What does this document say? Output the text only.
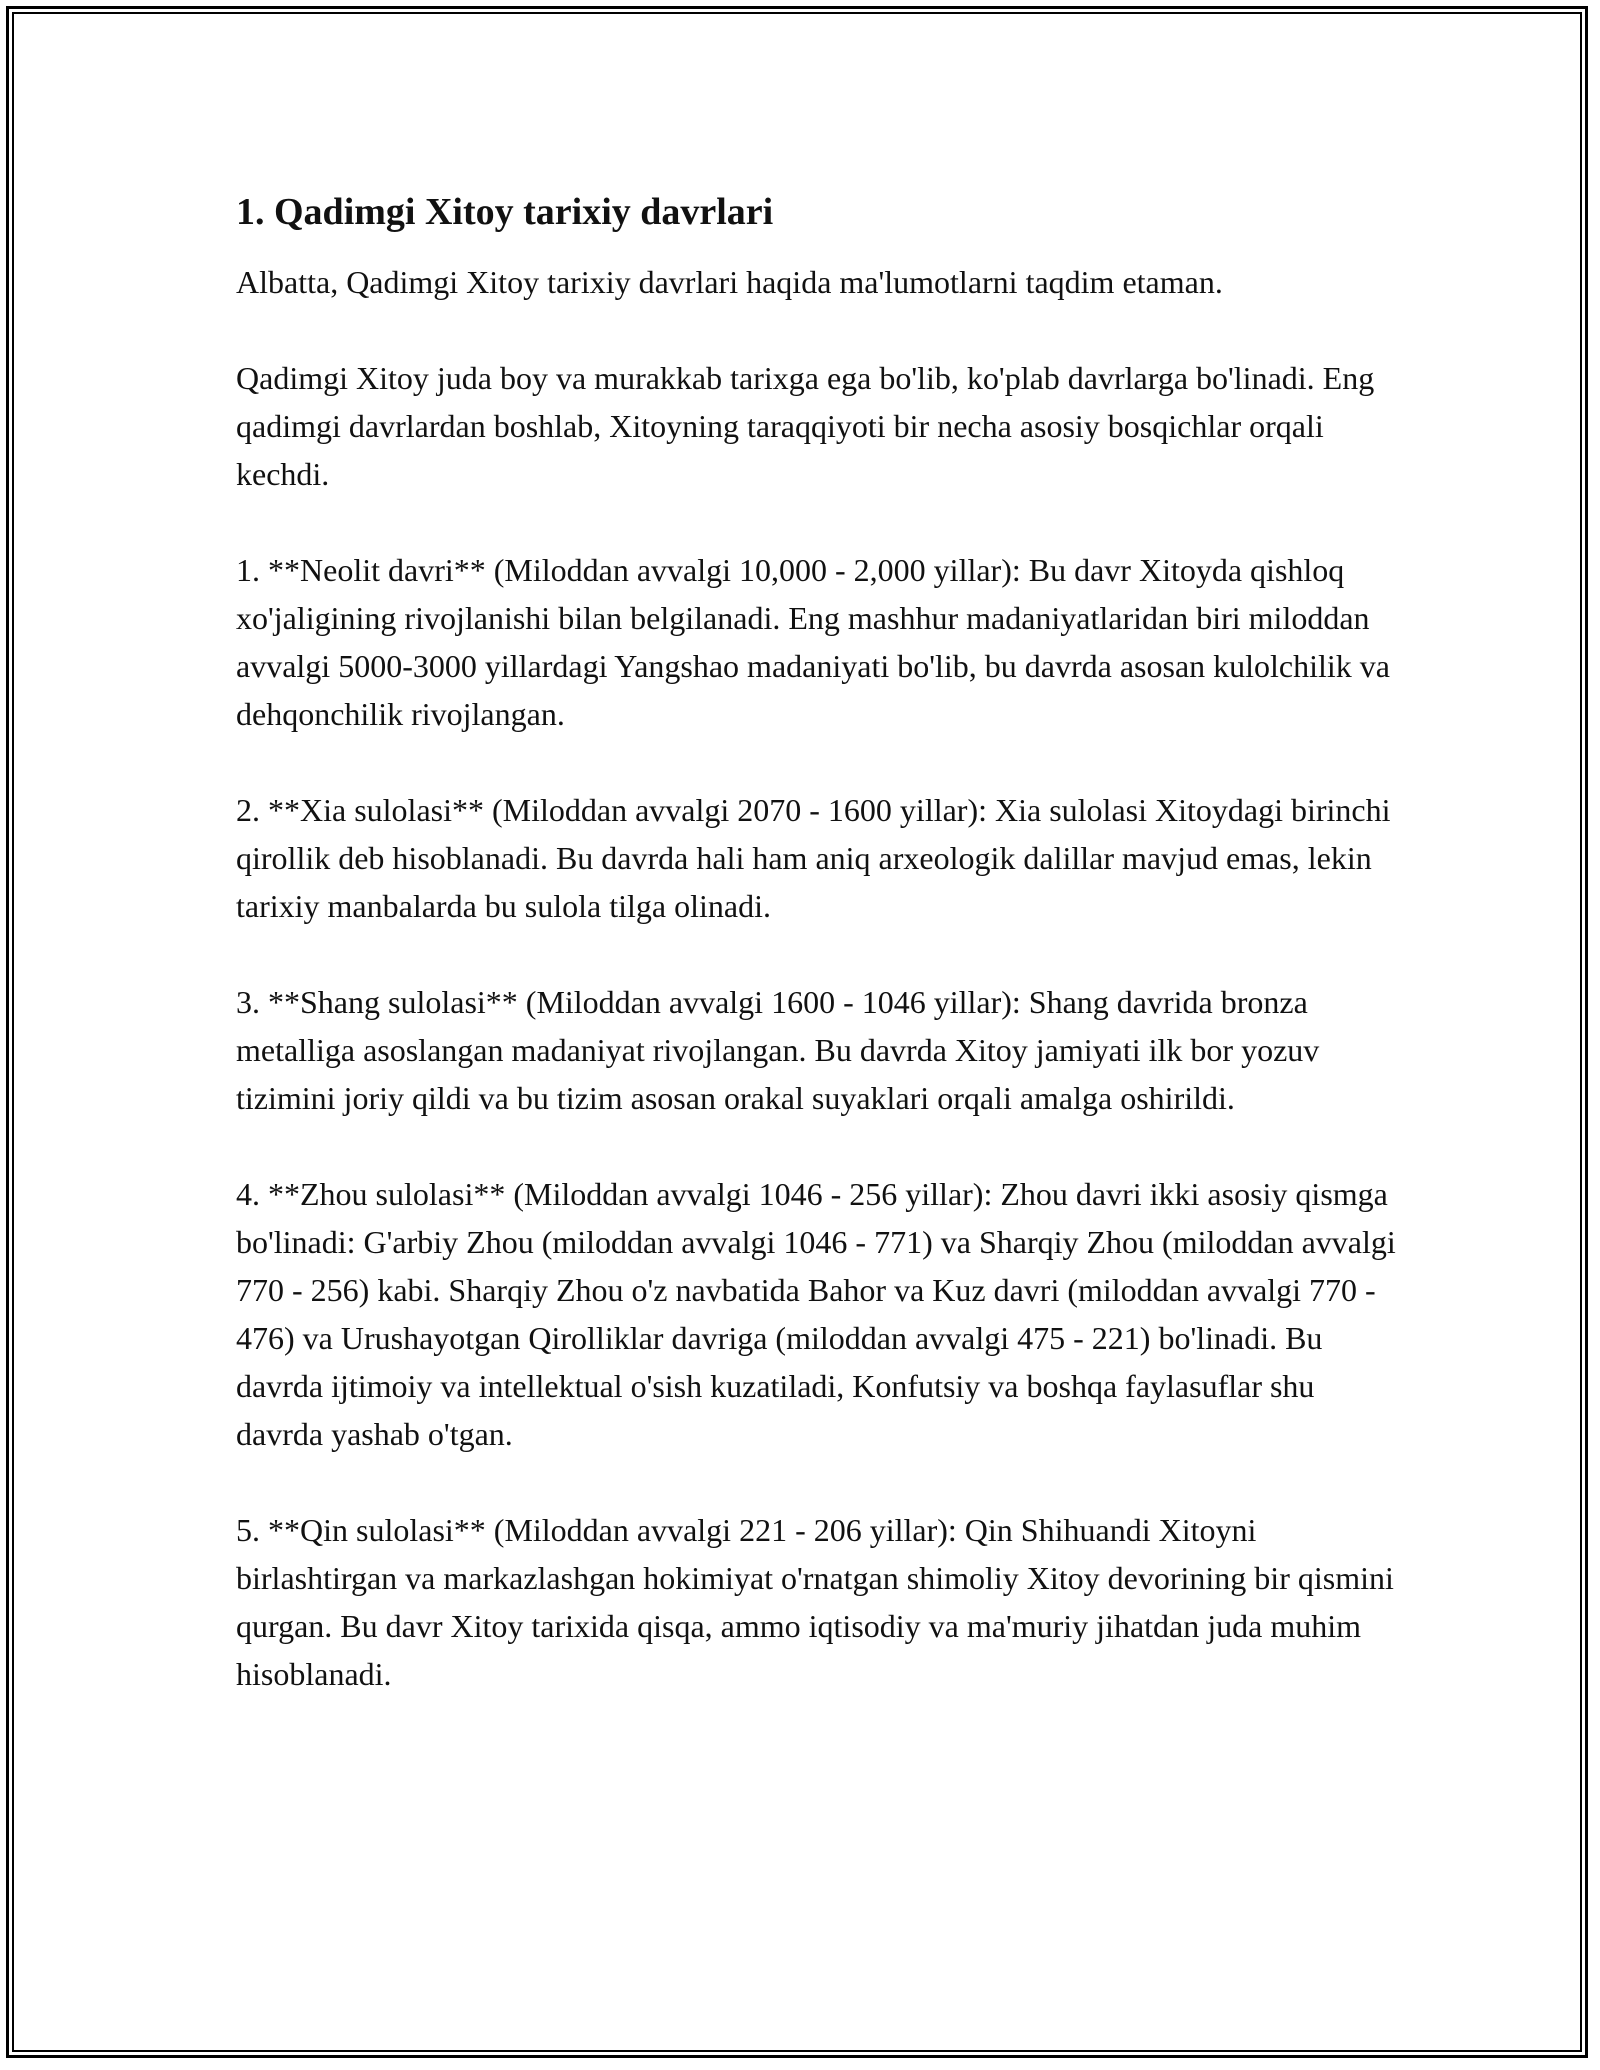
1. Qadimgi Xitoy tarixiy davrlari

Albatta, Qadimgi Xitoy tarixiy davrlari haqida ma'lumotlarni taqdim etaman.

Qadimgi Xitoy juda boy va murakkab tarixga ega bo'lib, ko'plab davrlarga bo'linadi. Eng qadimgi davrlardan boshlab, Xitoyning taraqqiyoti bir necha asosiy bosqichlar orqali kechdi.

1. **Neolit davri** (Miloddan avvalgi 10,000 - 2,000 yillar): Bu davr Xitoyda qishloq xo'jaligining rivojlanishi bilan belgilanadi. Eng mashhur madaniyatlaridan biri miloddan avvalgi 5000-3000 yillardagi Yangshao madaniyati bo'lib, bu davrda asosan kulolchilik va dehqonchilik rivojlangan.

2. **Xia sulolasi** (Miloddan avvalgi 2070 - 1600 yillar): Xia sulolasi Xitoydagi birinchi qirollik deb hisoblanadi. Bu davrda hali ham aniq arxeologik dalillar mavjud emas, lekin tarixiy manbalarda bu sulola tilga olinadi.

3. **Shang sulolasi** (Miloddan avvalgi 1600 - 1046 yillar): Shang davrida bronza metalliga asoslangan madaniyat rivojlangan. Bu davrda Xitoy jamiyati ilk bor yozuv tizimini joriy qildi va bu tizim asosan orakal suyaklari orqali amalga oshirildi.

4. **Zhou sulolasi** (Miloddan avvalgi 1046 - 256 yillar): Zhou davri ikki asosiy qismga bo'linadi: G'arbiy Zhou (miloddan avvalgi 1046 - 771) va Sharqiy Zhou (miloddan avvalgi 770 - 256) kabi. Sharqiy Zhou o'z navbatida Bahor va Kuz davri (miloddan avvalgi 770 - 476) va Urushayotgan Qirolliklar davriga (miloddan avvalgi 475 - 221) bo'linadi. Bu davrda ijtimoiy va intellektual o'sish kuzatiladi, Konfutsiy va boshqa faylasuflar shu davrda yashab o'tgan.

5. **Qin sulolasi** (Miloddan avvalgi 221 - 206 yillar): Qin Shihuandi Xitoyni birlashtirgan va markazlashgan hokimiyat o'rnatgan shimoliy Xitoy devorining bir qismini qurgan. Bu davr Xitoy tarixida qisqa, ammo iqtisodiy va ma'muriy jihatdan juda muhim hisoblanadi.
